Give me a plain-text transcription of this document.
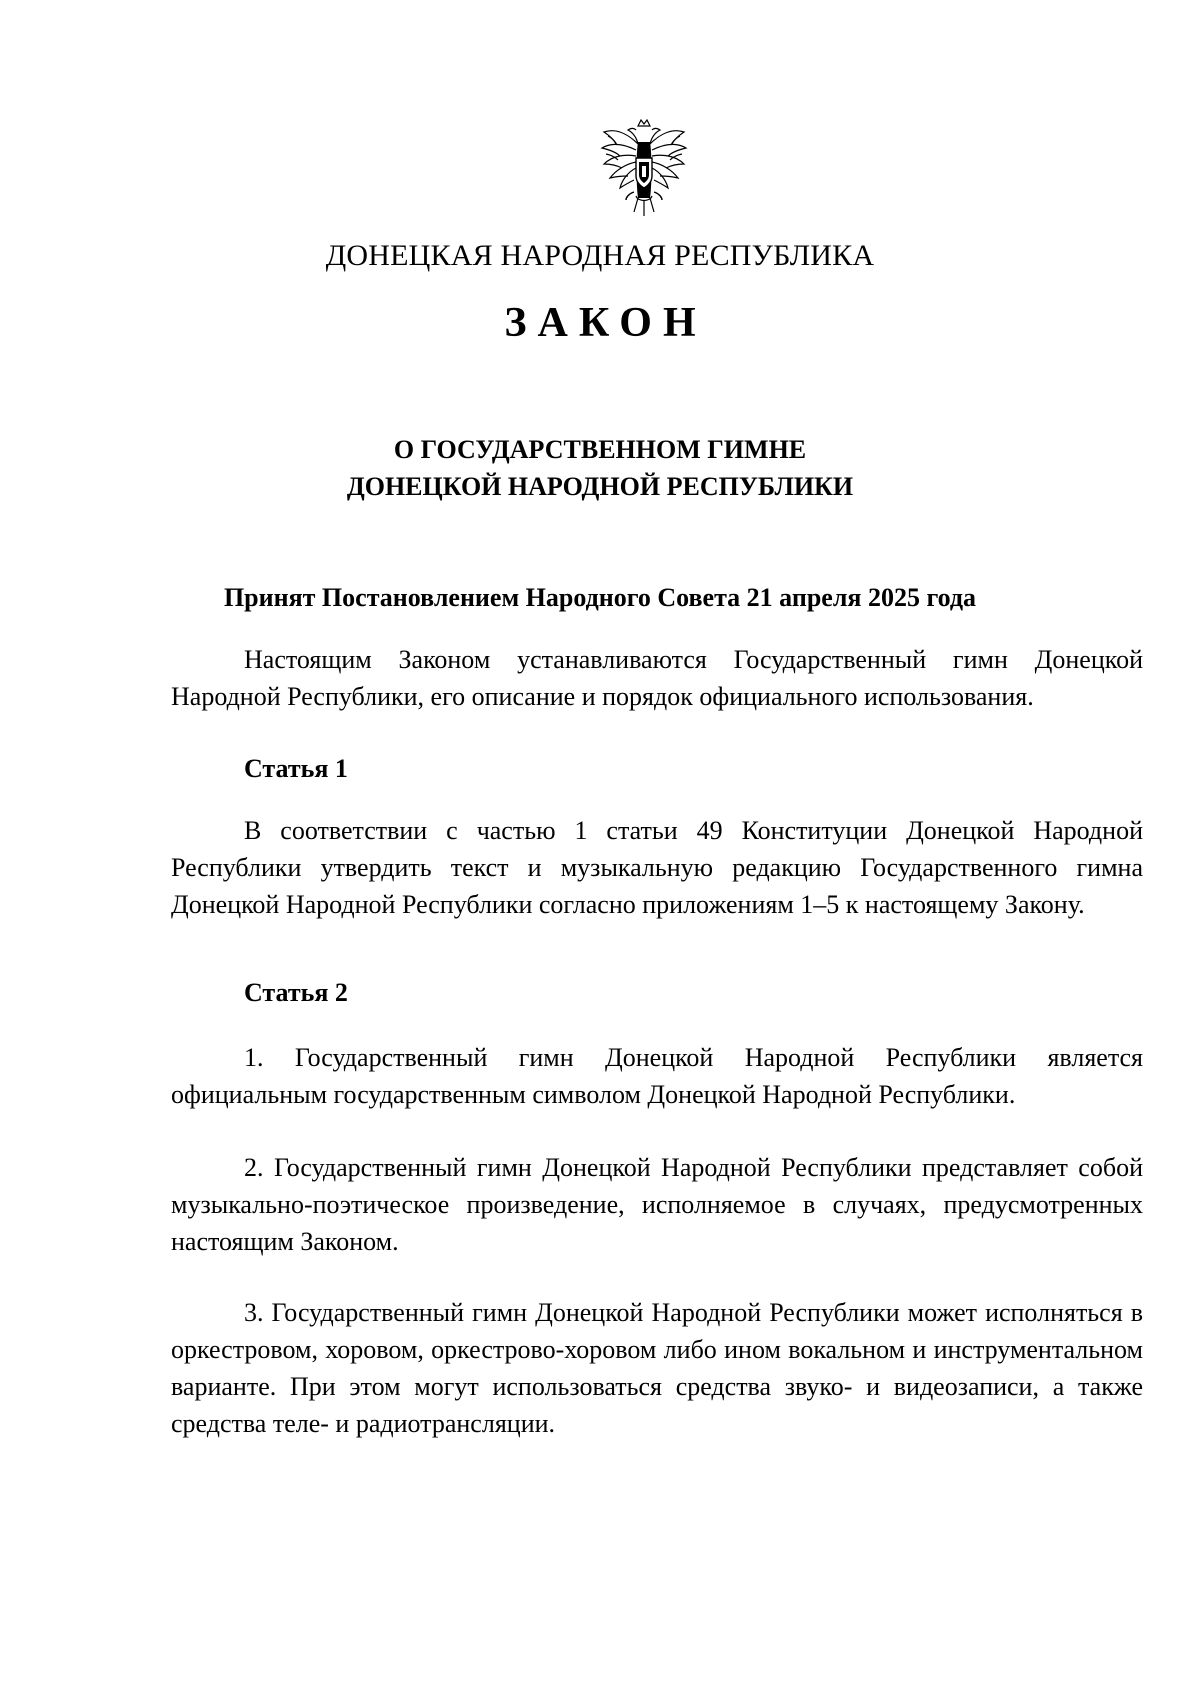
ДОНЕЦКАЯ НАРОДНАЯ РЕСПУБЛИКА
ЗАКОН
О ГОСУДАРСТВЕННОМ ГИМНЕ
ДОНЕЦКОЙ НАРОДНОЙ РЕСПУБЛИКИ
Принят Постановлением Народного Совета 21 апреля 2025 года

Настоящим Законом устанавливаются Государственный гимн Донецкой Народной Республики, его описание и порядок официального использования.

Статья 1

В соответствии с частью 1 статьи 49 Конституции Донецкой Народной Республики утвердить текст и музыкальную редакцию Государственного гимна Донецкой Народной Республики согласно приложениям 1–5 к настоящему Закону.

Статья 2

1. Государственный гимн Донецкой Народной Республики является официальным государственным символом Донецкой Народной Республики.

2. Государственный гимн Донецкой Народной Республики представляет собой музыкально-поэтическое произведение, исполняемое в случаях, предусмотренных настоящим Законом.

3. Государственный гимн Донецкой Народной Республики может исполняться в оркестровом, хоровом, оркестрово-хоровом либо ином вокальном и инструментальном варианте. При этом могут использоваться средства звуко- и видеозаписи, а также средства теле- и радиотрансляции.
